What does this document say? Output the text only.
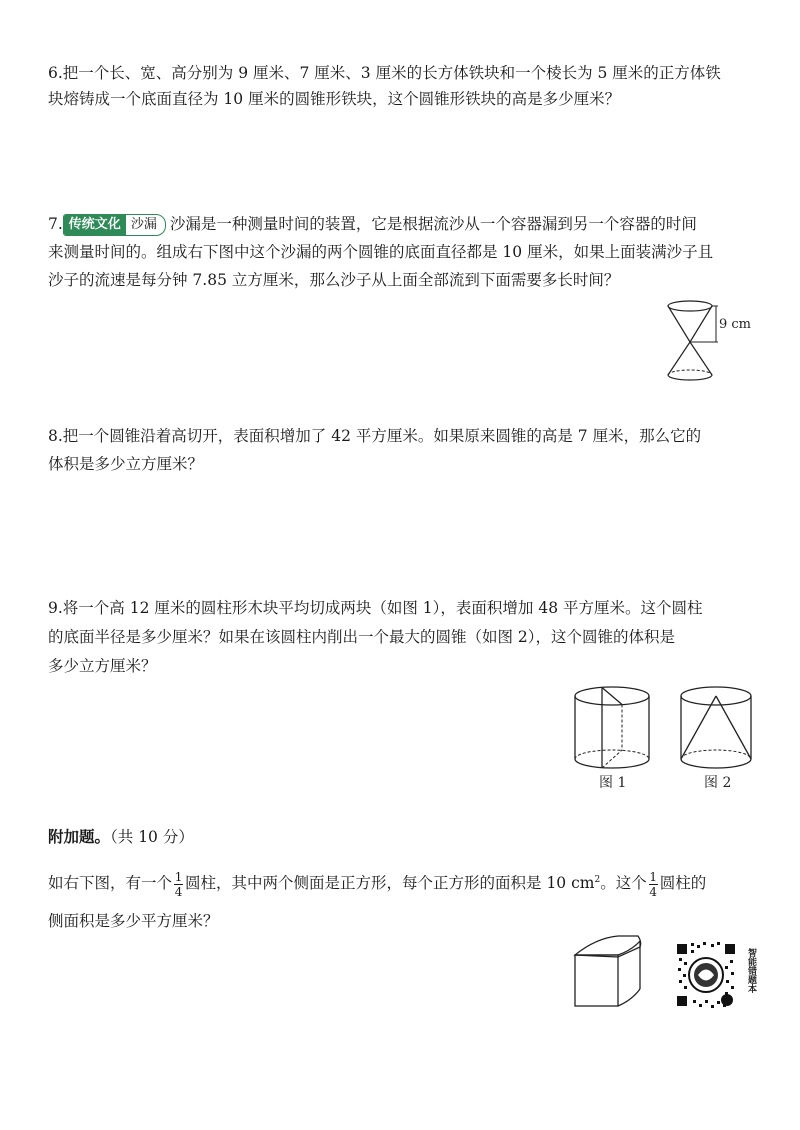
6.把一个长、宽、高分别为 9 厘米、7 厘米、3 厘米的长方体铁块和一个棱长为 5 厘米的正方体铁
块熔铸成一个底面直径为 10 厘米的圆锥形铁块，这个圆锥形铁块的高是多少厘米？
7. 传统文化 沙漏 沙漏是一种测量时间的装置，它是根据流沙从一个容器漏到另一个容器的时间
来测量时间的。组成右下图中这个沙漏的两个圆锥的底面直径都是 10 厘米，如果上面装满沙子且
沙子的流速是每分钟 7.85 立方厘米，那么沙子从上面全部流到下面需要多长时间？
9 cm
8.把一个圆锥沿着高切开，表面积增加了 42 平方厘米。如果原来圆锥的高是 7 厘米，那么它的
体积是多少立方厘米？
9.将一个高 12 厘米的圆柱形木块平均切成两块（如图 1），表面积增加 48 平方厘米。这个圆柱
的底面半径是多少厘米？如果在该圆柱内削出一个最大的圆锥（如图 2），这个圆锥的体积是
多少立方厘米？
图 1	图 2
附加题。（共 10 分）
如右下图，有一个 $\frac{1}{4}$ 圆柱，其中两个侧面是正方形，每个正方形的面积是 10 $cm^2$。这个 $\frac{1}{4}$ 圆柱的
侧面积是多少平方厘米？
智能错题本
